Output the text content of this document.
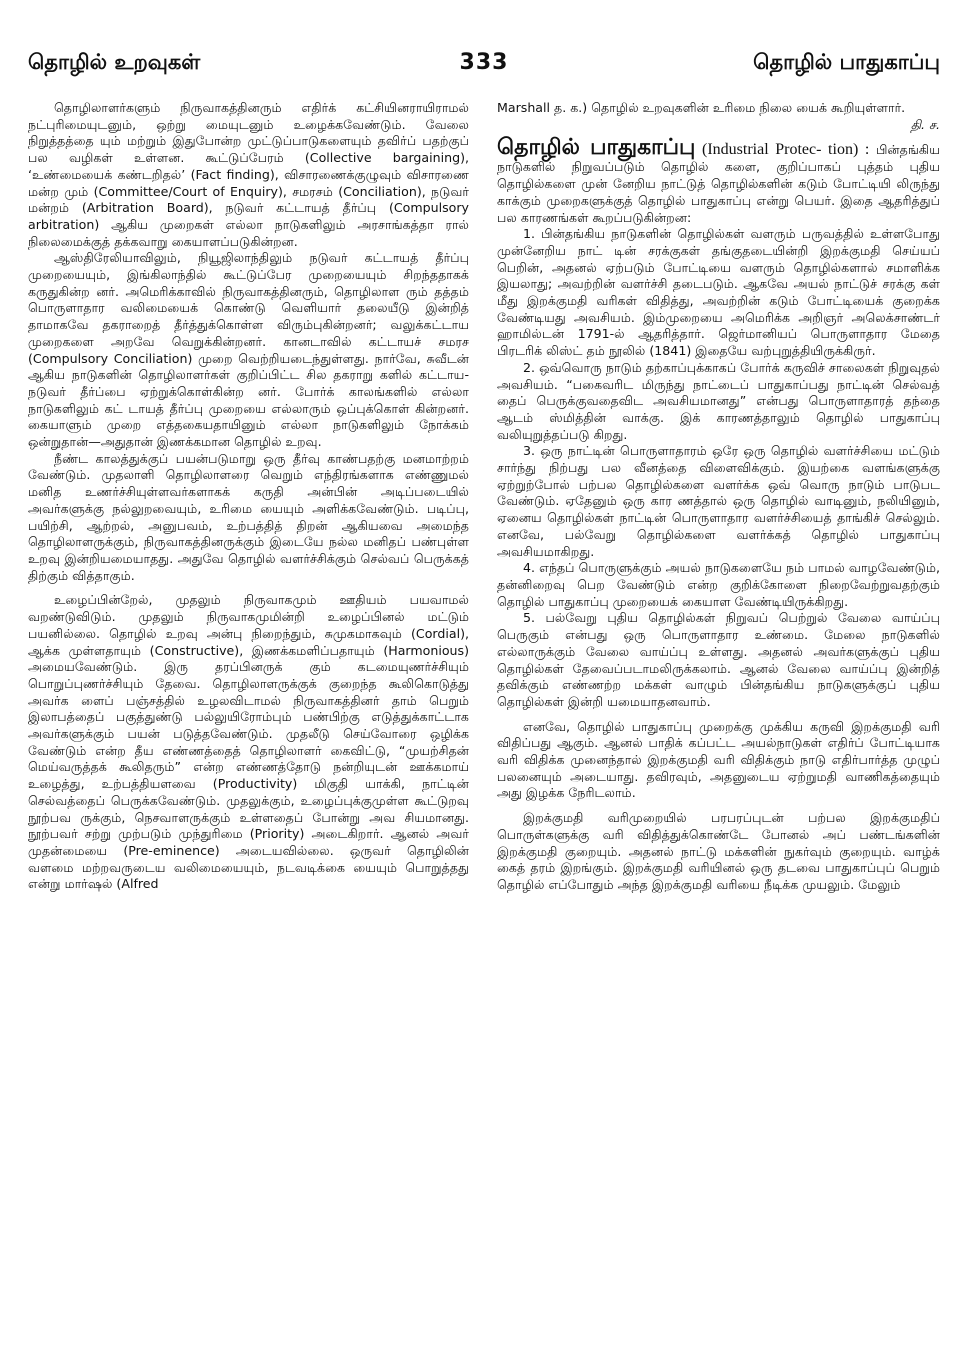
தொழில் உறவுகள்	333	தொழில் பாதுகாப்பு

தொழிலாளர்களும் நிருவாகத்தினரும் எதிர்க் கட்சியினராயிராமல் நட்புரிமையுடனும், ஒற்று மையுடனும் உழைக்கவேண்டும். வேலை நிறுத்தத்தை யும் மற்றும் இதுபோன்ற முட்டுப்பாடுகளையும் தவிர்ப் பதற்குப் பல வழிகள் உள்ளன. கூட்டுப்பேரம் (Collective bargaining), ‘உண்மையைக் கண்டறிதல்’ (Fact finding), விசாரணைக்குழுவும் விசாரணை மன்ற மும் (Committee/Court of Enquiry), சமரசம் (Conciliation), நடுவர் மன்றம் (Arbitration Board), நடுவர் கட்டாயத் தீர்ப்பு (Compulsory arbitration) ஆகிய முறைகள் எல்லா நாடுகளிலும் அரசாங்கத்தா ரால் நிலைமைக்குத் தக்கவாறு கையாளப்படுகின்றன.

ஆஸ்திரேலியாவிலும், நியூஜிலாந்திலும் நடுவர் கட்டாயத் தீர்ப்பு முறையையும், இங்கிலாந்தில் கூட்டுப்பேர முறையையும் சிறந்ததாகக் கருதுகின்ற னர். அமெரிக்காவில் நிருவாகத்தினரும், தொழிலாள ரும் தத்தம் பொருளாதார வலிமையைக் கொண்டு வெளியார் தலையீடு இன்றித் தாமாகவே தகராறைத் தீர்த்துக்கொள்ள விரும்புகின்றனர்; வலுக்கட்டாய முறைகளை அறவே வெறுக்கின்றனர். கானடாவில் கட்டாயச் சமரச (Compulsory Conciliation) முறை வெற்றியடைந்துள்ளது. நார்வே, சுவீடன் ஆகிய நாடுகளின் தொழிலாளர்கள் குறிப்பிட்ட சில தகராறு களில் கட்டாய-நடுவர் தீர்ப்பை ஏற்றுக்கொள்கின்ற னர். போர்க் காலங்களில் எல்லா நாடுகளிலும் கட் டாயத் தீர்ப்பு முறையை எல்லாரும் ஒப்புக்கொள் கின்றனர். கையாளும் முறை எத்தகையதாயினும் எல்லா நாடுகளிலும் நோக்கம் ஒன்றுதான்—அதுதான் இணக்கமான தொழில் உறவு.

நீண்ட காலத்துக்குப் பயன்படுமாறு ஒரு தீர்வு காண்பதற்கு மனமாற்றம் வேண்டும். முதலாளி தொழிலாளரை வெறும் எந்திரங்களாக எண்ணுமல் மனித உணர்ச்சியுள்ளவர்களாகக் கருதி அன்பின் அடிப்படையில் அவர்களுக்கு நல்லுறவையும், உரிமை யையும் அளிக்கவேண்டும். படிப்பு, பயிற்சி, ஆற்றல், அனுபவம், உற்பத்தித் திறன் ஆகியவை அமைந்த தொழிலாளருக்கும், நிருவாகத்தினருக்கும் இடையே நல்ல மனிதப் பண்புள்ள உறவு இன்றியமையாதது. அதுவே தொழில் வளர்ச்சிக்கும் செல்வப் பெருக்கத் திற்கும் வித்தாகும்.

உழைப்பின்றேல், முதலும் நிருவாகமும் ஊதியம் பயவாமல் வறண்டுவிடும். முதலும் நிருவாகமுமின்றி உழைப்பினல் மட்டும் பயனில்லை. தொழில் உறவு அன்பு நிறைந்தும், சுமுகமாகவும் (Cordial), ஆக்க முள்ளதாயும் (Constructive), இணக்கமளிப்பதாயும் (Harmonious) அமையவேண்டும். இரு தரப்பினருக் கும் கடமையுணர்ச்சியும் பொறுப்புணர்ச்சியும் தேவை. தொழிலாளருக்குக் குறைந்த கூலிகொடுத்து அவர்க ளைப் பஞ்சத்தில் உழலவிடாமல் நிருவாகத்தினர் தாம் பெறும் இலாபத்தைப் பகுத்துண்டு பல்லுயிரோம்பும் பண்பிற்கு எடுத்துக்காட்டாக அவர்களுக்கும் பயன் படுத்தவேண்டும். முதலீடு செய்வோரை ஒழிக்க வேண்டும் என்ற தீய எண்ணத்தைத் தொழிலாளர் கைவிட்டு, “முயற்சிதன் மெய்வருத்தக் கூலிதரும்” என்ற எண்ணத்தோடு நன்றியுடன் ஊக்கமாய் உழைத்து, உற்பத்தியளவை (Productivity) மிகுதி யாக்கி, நாட்டின் செல்வத்தைப் பெருக்கவேண்டும். முதலுக்கும், உழைப்புக்குமுள்ள கூட்டுறவு நூற்பவ ருக்கும், நெசவாளருக்கும் உள்ளதைப் போன்று அவ சியமானது. நூற்பவர் சற்று முற்படும் முந்துரிமை (Priority) அடைகிறார். ஆனல் அவர் முதன்மையை (Pre-eminence) அடையவில்லை. ஒருவர் தொழிலின் வளமை மற்றவருடைய வலிமையையும், நடவடிக்கை யையும் பொறுத்தது என்று மார்ஷல் (Alfred

Marshall த. க.) தொழில் உறவுகளின் உரிமை நிலை யைக் கூறியுள்ளார்.

தி. ச.

தொழில் பாதுகாப்பு (Industrial Protec- tion) : பின்தங்கிய நாடுகளில் நிறுவப்படும் தொழில் களை, குறிப்பாகப் புத்தம் புதிய தொழில்களை முன் னேறிய நாட்டுத் தொழில்களின் கடும் போட்டியி லிருந்து காக்கும் முறைகளுக்குத் தொழில் பாதுகாப்பு என்று பெயர். இதை ஆதரித்துப் பல காரணங்கள் கூறப்படுகின்றன:

1. பின்தங்கிய நாடுகளின் தொழில்கள் வளரும் பருவத்தில் உள்ளபோது முன்னேறிய நாட் டின் சரக்குகள் தங்குதடையின்றி இறக்குமதி செய்யப் பெறின், அதனல் ஏற்படும் போட்டியை வளரும் தொழில்களால் சமாளிக்க இயலாது; அவற்றின் வளர்ச்சி தடைபடும். ஆகவே அயல் நாட்டுச் சரக்கு கள் மீது இறக்குமதி வரிகள் விதித்து, அவற்றின் கடும் போட்டியைக் குறைக்க வேண்டியது அவசியம். இம்முறையை அமெரிக்க அறிஞர் அலெக்சாண்டர் ஹாமில்டன் 1791-ல் ஆதரித்தார். ஜெர்மானியப் பொருளாதார மேதை பிரடரிக் லிஸ்ட் தம் நூலில் (1841) இதையே வற்புறுத்தியிருக்கிருர்.

2. ஒவ்வொரு நாடும் தற்காப்புக்காகப் போர்க் கருவிச் சாலைகள் நிறுவுதல் அவசியம். “பகைவரிட மிருந்து நாட்டைப் பாதுகாப்பது நாட்டின் செல்வத் தைப் பெருக்குவதைவிட அவசியமானது” என்பது பொருளாதாரத் தந்தை ஆடம் ஸ்மித்தின் வாக்கு. இக் காரணத்தாலும் தொழில் பாதுகாப்பு வலியுறுத்தப்படு கிறது.

3. ஒரு நாட்டின் பொருளாதாரம் ஒரே ஒரு தொழில் வளர்ச்சியை மட்டும் சார்ந்து நிற்பது பல வீனத்தை விளைவிக்கும். இயற்கை வளங்களுக்கு ஏற்றுற்போல் பற்பல தொழில்களை வளர்க்க ஒவ் வொரு நாடும் பாடுபட வேண்டும். ஏதேனும் ஒரு கார ணத்தால் ஒரு தொழில் வாடினும், நலியினும், ஏனைய தொழில்கள் நாட்டின் பொருளாதார வளர்ச்சியைத் தாங்கிச் செல்லும். எனவே, பல்வேறு தொழில்களை வளர்க்கத் தொழில் பாதுகாப்பு அவசியமாகிறது.

4. எந்தப் பொருளுக்கும் அயல் நாடுகளையே நம் பாமல் வாழவேண்டும், தன்னிறைவு பெற வேண்டும் என்ற குறிக்கோளை நிறைவேற்றுவதற்கும் தொழில் பாதுகாப்பு முறையைக் கையாள வேண்டியிருக்கிறது.

5. பல்வேறு புதிய தொழில்கள் நிறுவப் பெற்றுல் வேலை வாய்ப்பு பெருகும் என்பது ஒரு பொருளாதார உண்மை. மேலை நாடுகளில் எல்லாருக்கும் வேலை வாய்ப்பு உள்ளது. அதனல் அவர்களுக்குப் புதிய தொழில்கள் தேவைப்படாமலிருக்கலாம். ஆனல் வேலை வாய்ப்பு இன்றித் தவிக்கும் எண்ணற்ற மக்கள் வாழும் பின்தங்கிய நாடுகளுக்குப் புதிய தொழில்கள் இன்றி யமையாதனவாம்.

எனவே, தொழில் பாதுகாப்பு முறைக்கு முக்கிய கருவி இறக்குமதி வரி விதிப்பது ஆகும். ஆனல் பாதிக் கப்பட்ட அயல்நாடுகள் எதிர்ப் போட்டியாக வரி விதிக்க முனைந்தால் இறக்குமதி வரி விதிக்கும் நாடு எதிர்பார்த்த முழுப் பலனையும் அடையாது. தவிரவும், அதனுடைய ஏற்றுமதி வாணிகத்தையும் அது இழக்க நேரிடலாம்.

இறக்குமதி வரிமுறையில் பரபரப்புடன் பற்பல இறக்குமதிப் பொருள்களுக்கு வரி விதித்துக்கொண்டே போனல் அப் பண்டங்களின் இறக்குமதி குறையும். அதனல் நாட்டு மக்களின் நுகர்வும் குறையும். வாழ்க் கைத் தரம் இறங்கும். இறக்குமதி வரியினல் ஒரு தடவை பாதுகாப்புப் பெறும் தொழில் எப்போதும் அந்த இறக்குமதி வரியை நீடிக்க முயலும். மேலும்
